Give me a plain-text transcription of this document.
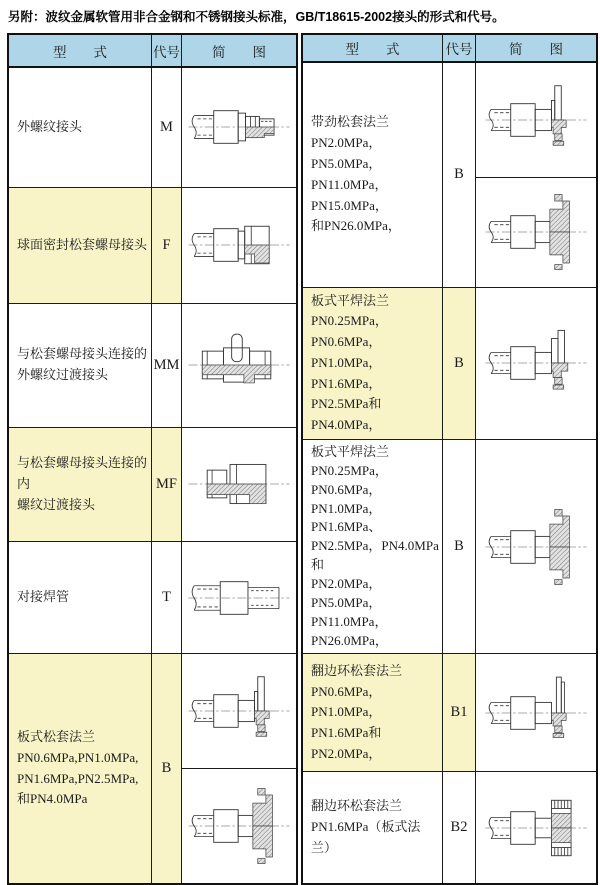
另附：波纹金属软管用非合金钢和不锈钢接头标准，GB/T18615-2002接头的形式和代号。
型　　式	代号	简　　图
外螺纹接头	M	

球面密封松套螺母接头	F	

与松套螺母接头连接的
外螺纹过渡接头	MM	

与松套螺母接头连接的内
螺纹过渡接头	MF	

对接焊管	T	

板式松套法兰
PN0.6MPa,PN1.0MPa,
PN1.6MPa,PN2.5MPa,
和PN4.0MPa	B	

型　　式	代号	简　　图
带劲松套法兰
PN2.0MPa，PN5.0MPa，
PN11.0MPa，PN15.0MPa，
和PN26.0MPa，	B	

板式平焊法兰
PN0.25MPa，PN0.6MPa，
PN1.0MPa，PN1.6MPa，
PN2.5MPa和PN4.0MPa，	B	

板式平焊法兰
PN0.25MPa，PN0.6MPa，
PN1.0MPa，PN1.6MPa、
PN2.5MPa，PN4.0MPa和
PN2.0MPa，PN5.0MPa，
PN11.0MPa，PN26.0MPa，	B	

翻边环松套法兰
PN0.6MPa，PN1.0MPa，
PN1.6MPa和PN2.0MPa，	B1	

翻边环松套法兰
PN1.6MPa（板式法兰）	B2	
